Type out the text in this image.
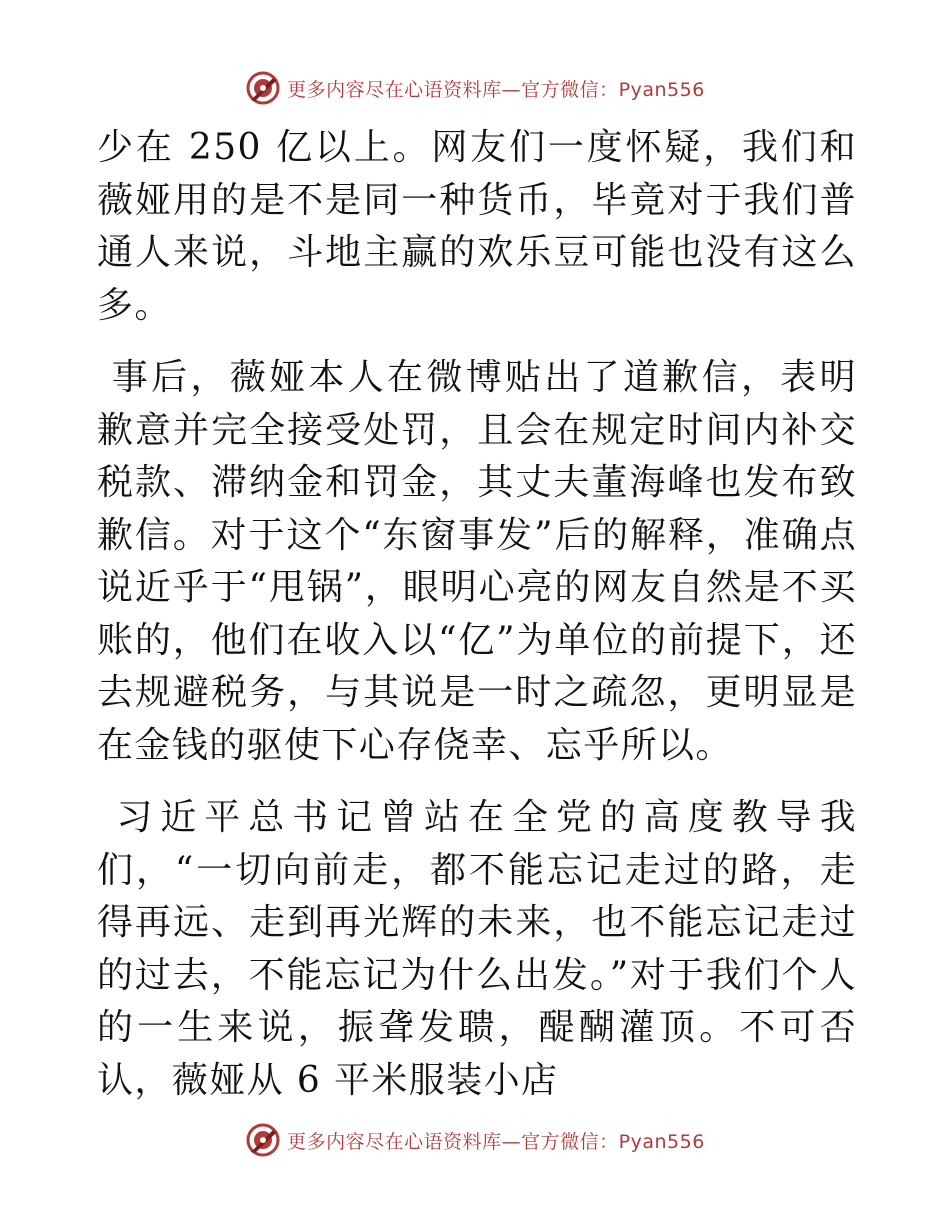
更多内容尽在心语资料库—官方微信：Pyan556

少在 250 亿以上。网友们一度怀疑，我们和薇娅用的是不是同一种货币，毕竟对于我们普通人来说，斗地主赢的欢乐豆可能也没有这么多。

事后，薇娅本人在微博贴出了道歉信，表明歉意并完全接受处罚，且会在规定时间内补交税款、滞纳金和罚金，其丈夫董海峰也发布致歉信。对于这个“东窗事发”后的解释，准确点说近乎于“甩锅”，眼明心亮的网友自然是不买账的，他们在收入以“亿”为单位的前提下，还去规避税务，与其说是一时之疏忽，更明显是在金钱的驱使下心存侥幸、忘乎所以。

习近平总书记曾站在全党的高度教导我们，“一切向前走，都不能忘记走过的路，走得再远、走到再光辉的未来，也不能忘记走过的过去，不能忘记为什么出发。”对于我们个人的一生来说，振聋发聩，醍醐灌顶。不可否认，薇娅从 6 平米服装小店

更多内容尽在心语资料库—官方微信：Pyan556
